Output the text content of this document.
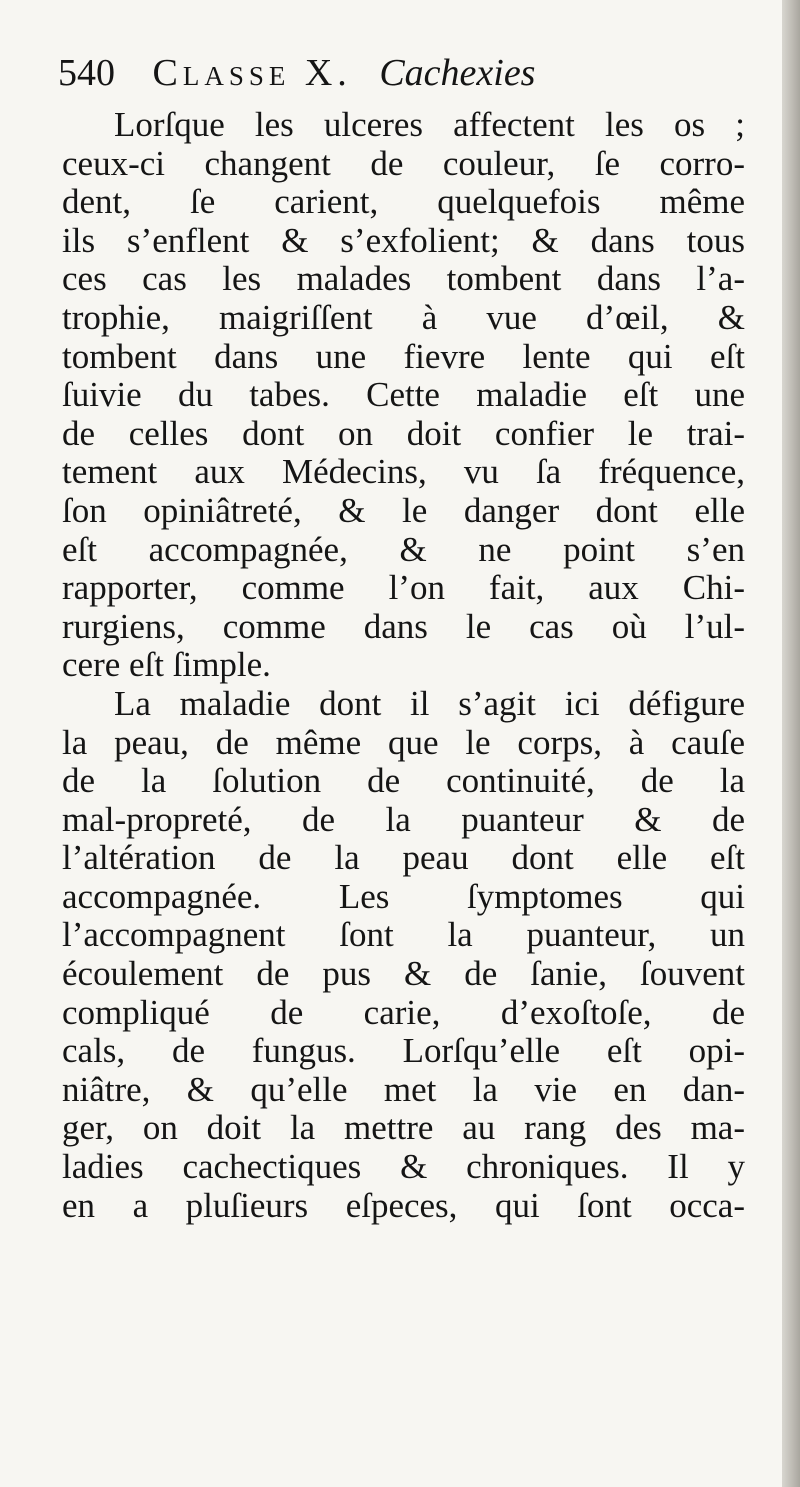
540 Classe X. Cachexies
Lorſque les ulceres affectent les os ;
ceux-ci changent de couleur, ſe corro-
dent, ſe carient, quelquefois même
ils s’enflent & s’exfolient; & dans tous
ces cas les malades tombent dans l’a-
trophie, maigriſſent à vue d’œil, &
tombent dans une fievre lente qui eſt
ſuivie du tabes. Cette maladie eſt une
de celles dont on doit confier le trai-
tement aux Médecins, vu ſa fréquence,
ſon opiniâtreté, & le danger dont elle
eſt accompagnée, & ne point s’en
rapporter, comme l’on fait, aux Chi-
rurgiens, comme dans le cas où l’ul-
cere eſt ſimple.
La maladie dont il s’agit ici défigure
la peau, de même que le corps, à cauſe
de la ſolution de continuité, de la
mal-propreté, de la puanteur & de
l’altération de la peau dont elle eſt
accompagnée. Les ſymptomes qui
l’accompagnent ſont la puanteur, un
écoulement de pus & de ſanie, ſouvent
compliqué de carie, d’exoſtoſe, de
cals, de fungus. Lorſqu’elle eſt opi-
niâtre, & qu’elle met la vie en dan-
ger, on doit la mettre au rang des ma-
ladies cachectiques & chroniques. Il y
en a pluſieurs eſpeces, qui ſont occa-
